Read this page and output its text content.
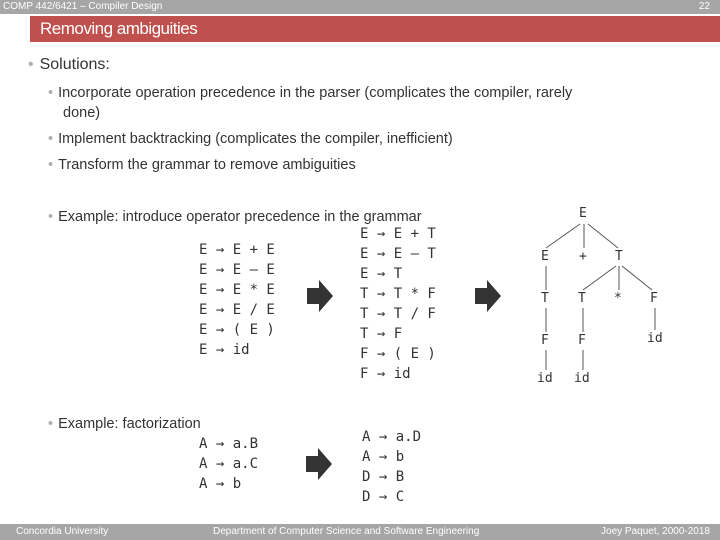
COMP 442/6421 – Compiler Design	22
Removing ambiguities
• Solutions:
• Incorporate operation precedence in the parser (complicates the compiler, rarely
done)
• Implement backtracking (complicates the compiler, inefficient)
• Transform the grammar to remove ambiguities
• Example: introduce operator precedence in the grammar
• Example: factorization
E → E + E
E → E – E
E → E * E
E → E / E
E → ( E )
E → id
E → E + T
E → E – T
E → T
T → T * F
T → T / F
T → F
F → ( E )
F → id
E
E + T
T T * F
F F	id
id id
A → a.B
A → a.C
A → b
A → a.D
A → b
D → B
D → C
Concordia University	Department of Computer Science and Software Engineering	Joey Paquet, 2000-2018
